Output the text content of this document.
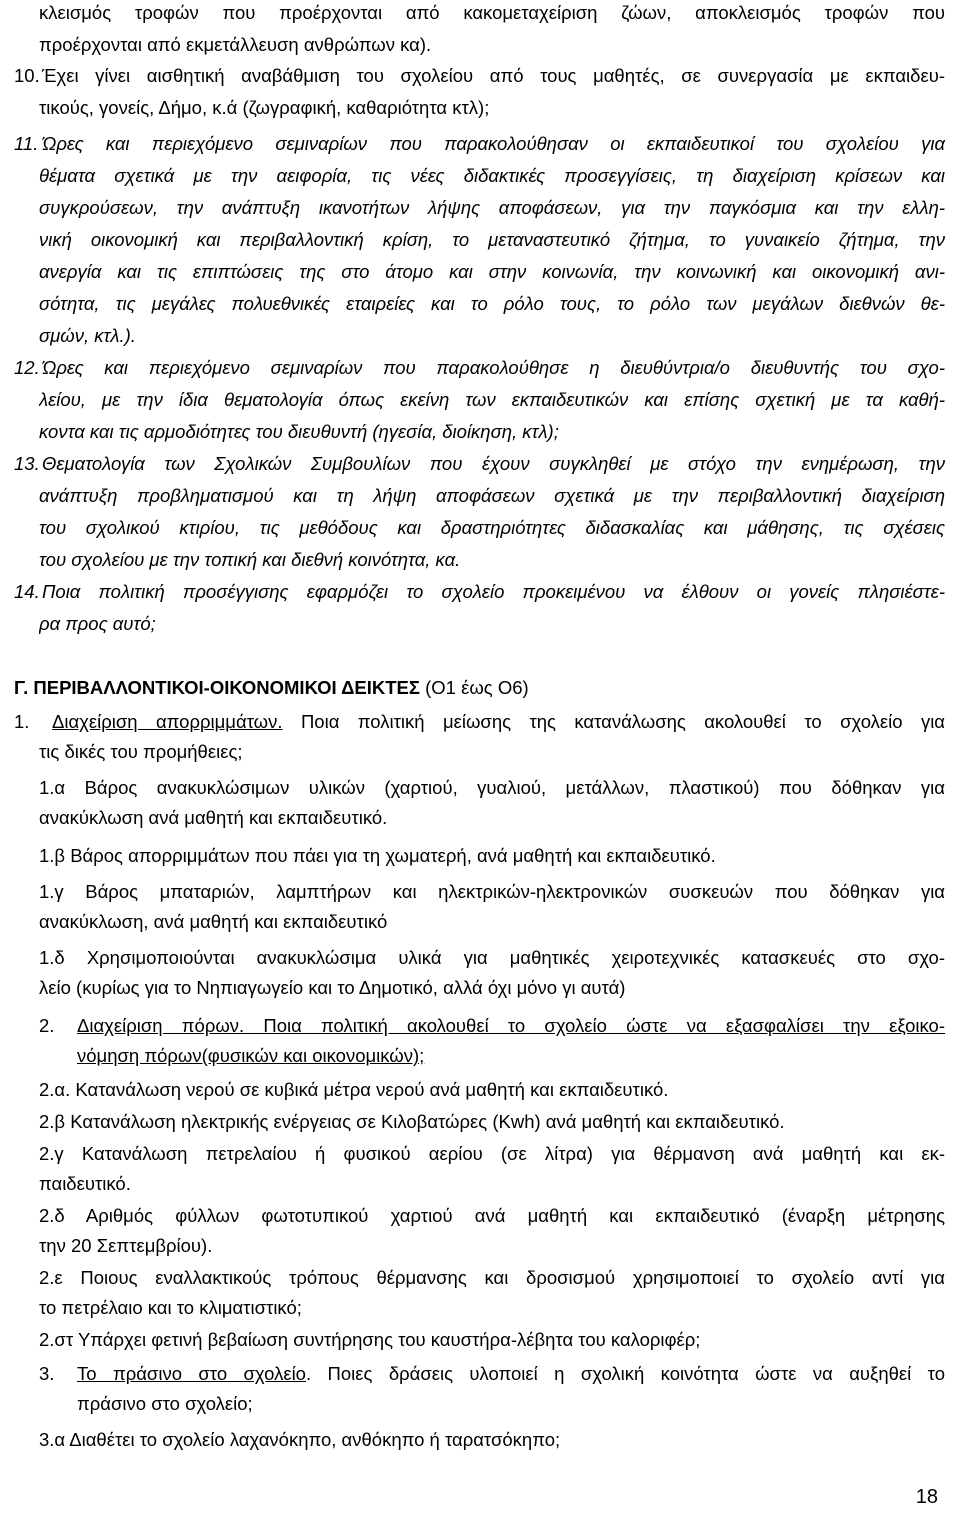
κλεισμός τροφών που προέρχονται από κακομεταχείριση ζώων, αποκλεισμός τροφών που
προέρχονται από εκμετάλλευση ανθρώπων κα).
10. Έχει γίνει αισθητική αναβάθμιση του σχολείου από τους μαθητές, σε συνεργασία με εκπαιδευ-
τικούς, γονείς, Δήμο, κ.ά (ζωγραφική, καθαριότητα κτλ);
11. Ώρες και περιεχόμενο σεμιναρίων που παρακολούθησαν οι εκπαιδευτικοί του σχολείου για
θέματα σχετικά με την αειφορία, τις νέες διδακτικές προσεγγίσεις, τη διαχείριση κρίσεων και
συγκρούσεων, την ανάπτυξη ικανοτήτων λήψης αποφάσεων, για την παγκόσμια και την ελλη-
νική οικονομική και περιβαλλοντική κρίση, το μεταναστευτικό ζήτημα, το γυναικείο ζήτημα, την
ανεργία και τις επιπτώσεις της στο άτομο και στην κοινωνία, την κοινωνική και οικονομική ανι-
σότητα, τις μεγάλες πολυεθνικές εταιρείες και το ρόλο τους, το ρόλο των μεγάλων διεθνών θε-
σμών, κτλ.).
12. Ώρες και περιεχόμενο σεμιναρίων που παρακολούθησε η διευθύντρια/ο διευθυντής του σχο-
λείου, με την ίδια θεματολογία όπως εκείνη των εκπαιδευτικών και επίσης σχετική με τα καθή-
κοντα και τις αρμοδιότητες του διευθυντή (ηγεσία, διοίκηση, κτλ);
13. Θεματολογία των Σχολικών Συμβουλίων που έχουν συγκληθεί με στόχο την ενημέρωση, την
ανάπτυξη προβληματισμού και τη λήψη αποφάσεων σχετικά με την περιβαλλοντική διαχείριση
του σχολικού κτιρίου, τις μεθόδους και δραστηριότητες διδασκαλίας και μάθησης, τις σχέσεις
του σχολείου με την τοπική και διεθνή κοινότητα, κα.
14. Ποια πολιτική προσέγγισης εφαρμόζει το σχολείο προκειμένου να έλθουν οι γονείς πλησιέστε-
ρα προς αυτό;
Γ. ΠΕΡΙΒΑΛΛΟΝΤΙΚΟΙ-ΟΙΚΟΝΟΜΙΚΟΙ ΔΕΙΚΤΕΣ (Ο1 έως Ο6)
1. Διαχείριση απορριμμάτων. Ποια πολιτική μείωσης της κατανάλωσης ακολουθεί το σχολείο για
τις δικές του προμήθειες;
1.α Βάρος ανακυκλώσιμων υλικών (χαρτιού, γυαλιού, μετάλλων, πλαστικού) που δόθηκαν για
ανακύκλωση ανά μαθητή και εκπαιδευτικό.
1.β Βάρος απορριμμάτων που πάει για τη χωματερή, ανά μαθητή και εκπαιδευτικό.
1.γ Βάρος μπαταριών, λαμπτήρων και ηλεκτρικών-ηλεκτρονικών συσκευών που δόθηκαν για
ανακύκλωση, ανά μαθητή και εκπαιδευτικό
1.δ Χρησιμοποιούνται ανακυκλώσιμα υλικά για μαθητικές χειροτεχνικές κατασκευές στο σχο-
λείο (κυρίως για το Νηπιαγωγείο και το Δημοτικό, αλλά όχι μόνο γι αυτά)
2. Διαχείριση πόρων. Ποια πολιτική ακολουθεί το σχολείο ώστε να εξασφαλίσει την εξοικο-
νόμηση πόρων(φυσικών και οικονομικών);
2.α. Κατανάλωση νερού σε κυβικά μέτρα νερού ανά μαθητή και εκπαιδευτικό.
2.β Κατανάλωση ηλεκτρικής ενέργειας σε Κιλοβατώρες (Kwh) ανά μαθητή και εκπαιδευτικό.
2.γ Κατανάλωση πετρελαίου ή φυσικού αερίου (σε λίτρα) για θέρμανση ανά μαθητή και εκ-
παιδευτικό.
2.δ Αριθμός φύλλων φωτοτυπικού χαρτιού ανά μαθητή και εκπαιδευτικό (έναρξη μέτρησης
την 20 Σεπτεμβρίου).
2.ε Ποιους εναλλακτικούς τρόπους θέρμανσης και δροσισμού χρησιμοποιεί το σχολείο αντί για
το πετρέλαιο και το κλιματιστικό;
2.στ Υπάρχει φετινή βεβαίωση συντήρησης του καυστήρα-λέβητα του καλοριφέρ;
3. Το πράσινο στο σχολείο. Ποιες δράσεις υλοποιεί η σχολική κοινότητα ώστε να αυξηθεί το
πράσινο στο σχολείο;
3.α Διαθέτει το σχολείο λαχανόκηπο, ανθόκηπο ή ταρατσόκηπο;
18
